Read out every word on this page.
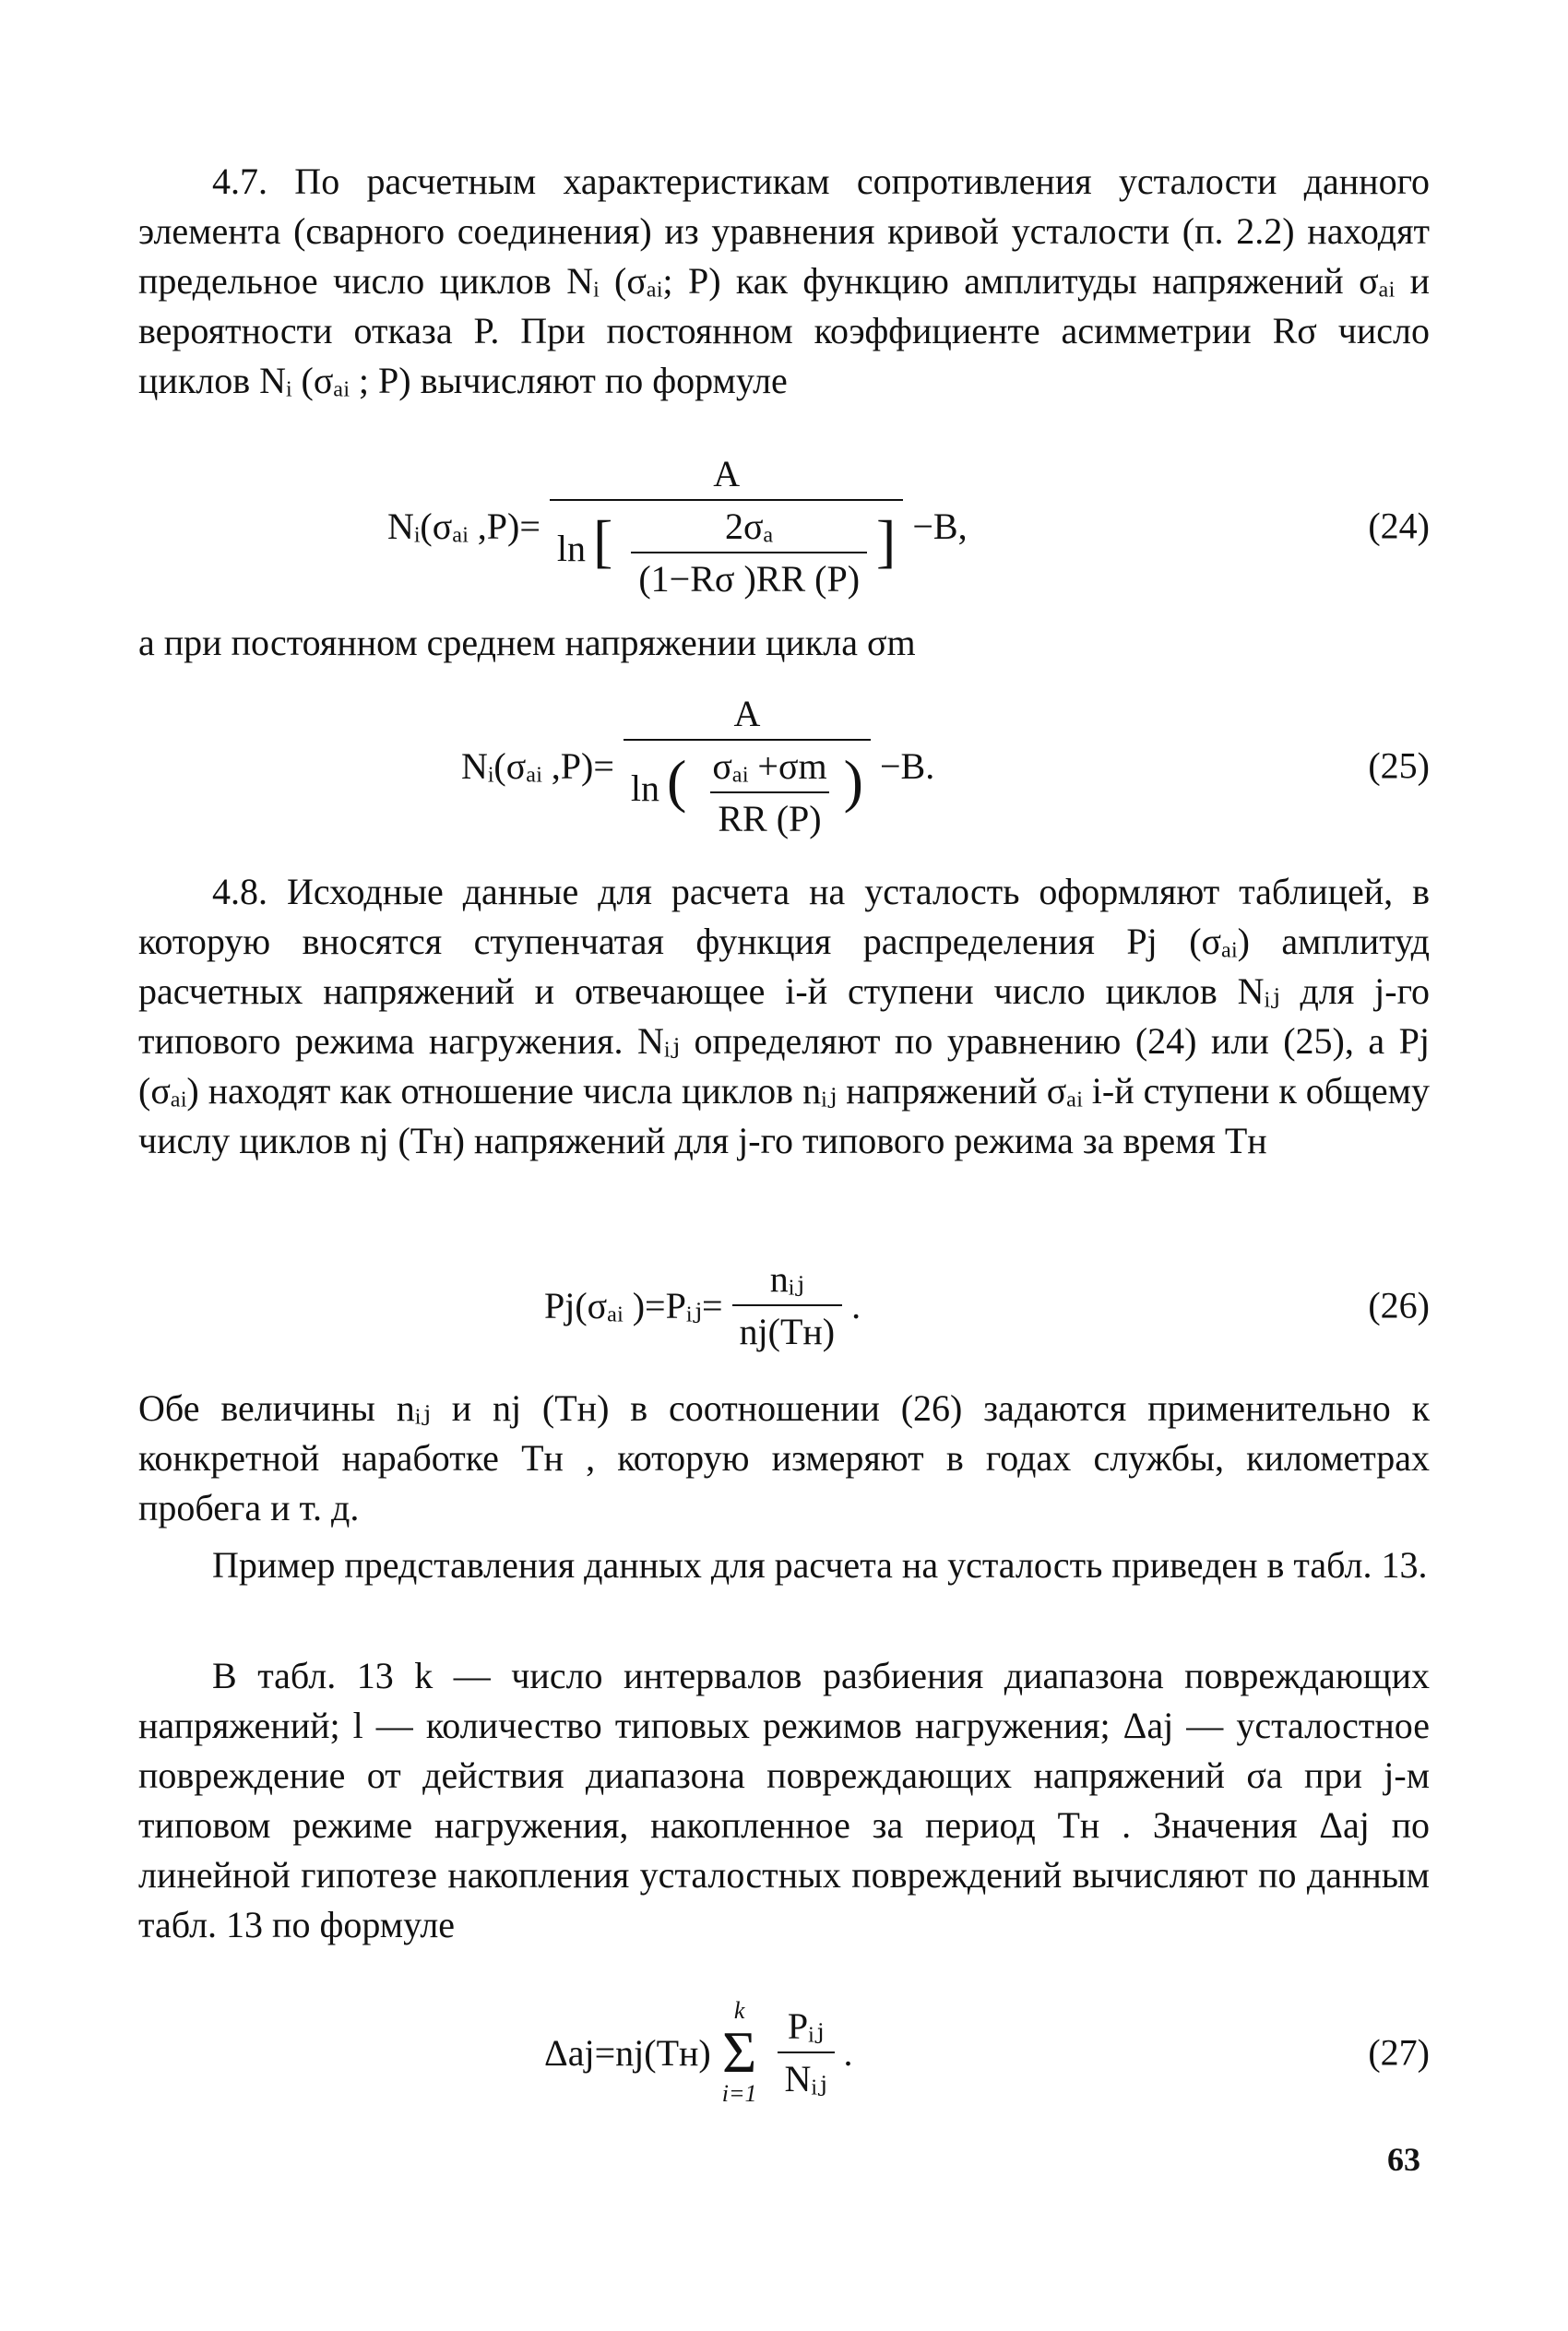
4.7. По расчетным характеристикам сопротивления усталости данного элемента (сварного соединения) из уравнения кривой усталости (п. 2.2) находят предельное число циклов Nᵢ (σₐᵢ; P) как функцию амплитуды напряжений σₐᵢ и вероятности отказа P. При постоянном коэффициенте асимметрии Rσ число циклов Nᵢ (σₐᵢ ; P) вычисляют по формуле

Nᵢ(σₐᵢ ,P)=
A
ln [ $\frac{\text{2σₐ}}{(1-R\sigma )RR (P)}$ ] −B,	(24)

а при постоянном среднем напряжении цикла σm

Nᵢ(σₐᵢ ,P)=
A
ln ( $\frac{\text{σₐᵢ +σm}}{RR (P)}$ ) −B.	(25)

4.8. Исходные данные для расчета на усталость оформляют таблицей, в которую вносятся ступенчатая функция распределения Pj (σₐᵢ) амплитуд расчетных напряжений и отвечающее i-й ступени число циклов Nᵢⱼ для j-го типового режима нагружения. Nᵢⱼ определяют по уравнению (24) или (25), а Pj (σₐᵢ) находят как отношение числа циклов nᵢⱼ напряжений σₐᵢ i-й ступени к общему числу циклов nj (Tн) напряжений для j-го типового режима за время Tн

Pj(σₐᵢ )=Pᵢⱼ= $\frac{\text{nᵢⱼ}}{nj(Tн)}$ .	(26)

Обе величины nᵢⱼ и nj (Tн) в соотношении (26) задаются применительно к конкретной наработке Tн , которую измеряют в годах службы, километрах пробега и т. д.

Пример представления данных для расчета на усталость приведен в табл. 13.

В табл. 13 k — число интервалов разбиения диапазона повреждающих напряжений; l — количество типовых режимов нагружения; Δaj — усталостное повреждение от действия диапазона повреждающих напряжений σа при j-м типовом режиме нагружения, накопленное за период Tн . Значения Δaj по линейной гипотезе накопления усталостных повреждений вычисляют по данным табл. 13 по формуле

Δaj=nj(Tн)
k
Σ
$i=1 \frac{\text{Pᵢⱼ}}{\text{Nᵢⱼ}}$ .	(27)
63
